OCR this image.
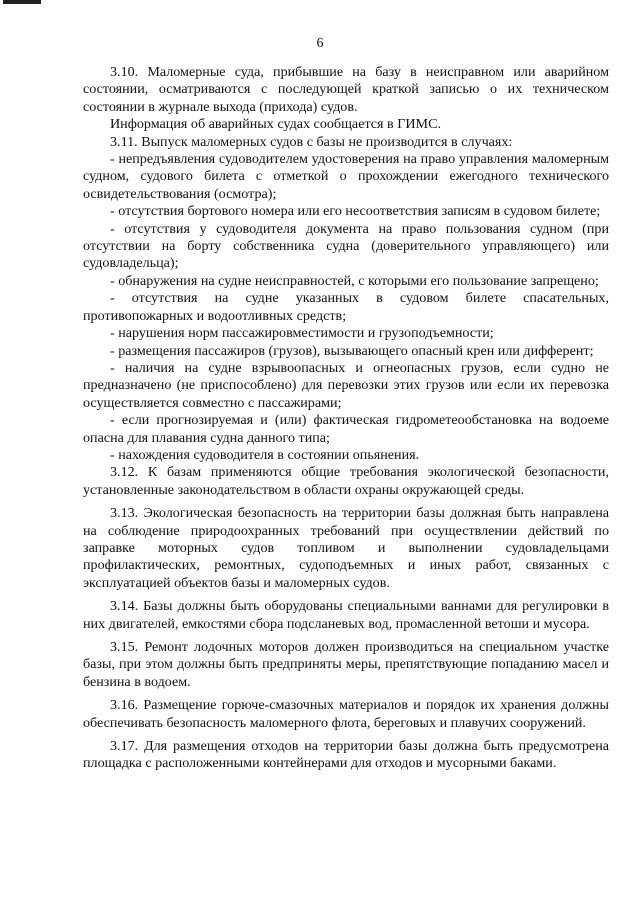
6

3.10. Маломерные суда, прибывшие на базу в неисправном или аварийном состоянии, осматриваются с последующей краткой записью о их техническом состоянии в журнале выхода (прихода) судов.

Информация об аварийных судах сообщается в ГИМС.

3.11. Выпуск маломерных судов с базы не производится в случаях:

- непредъявления судоводителем удостоверения на право управления маломерным судном, судового билета с отметкой о прохождении ежегодного технического освидетельствования (осмотра);

- отсутствия бортового номера или его несоответствия записям в судовом билете;

- отсутствия у судоводителя документа на право пользования судном (при отсутствии на борту собственника судна (доверительного управляющего) или судовладельца);

- обнаружения на судне неисправностей, с которыми его пользование запрещено;

- отсутствия на судне указанных в судовом билете спасательных, противопожарных и водоотливных средств;

- нарушения норм пассажировместимости и грузоподъемности;

- размещения пассажиров (грузов), вызывающего опасный крен или дифферент;

- наличия на судне взрывоопасных и огнеопасных грузов, если судно не предназначено (не приспособлено) для перевозки этих грузов или если их перевозка осуществляется совместно с пассажирами;

- если прогнозируемая и (или) фактическая гидрометеообстановка на водоеме опасна для плавания судна данного типа;

- нахождения судоводителя в состоянии опьянения.

3.12. К базам применяются общие требования экологической безопасности, установленные законодательством в области охраны окружающей среды.

3.13. Экологическая безопасность на территории базы должная быть направлена на соблюдение природоохранных требований при осуществлении действий по заправке моторных судов топливом и выполнении судовладельцами профилактических, ремонтных, судоподъемных и иных работ, связанных с эксплуатацией объектов базы и маломерных судов.

3.14. Базы должны быть оборудованы специальными ваннами для регулировки в них двигателей, емкостями сбора подсланевых вод, промасленной ветоши и мусора.

3.15. Ремонт лодочных моторов должен производиться на специальном участке базы, при этом должны быть предприняты меры, препятствующие попаданию масел и бензина в водоем.

3.16. Размещение горюче-смазочных материалов и порядок их хранения должны обеспечивать безопасность маломерного флота, береговых и плавучих сооружений.

3.17. Для размещения отходов на территории базы должна быть предусмотрена площадка с расположенными контейнерами для отходов и мусорными баками.
